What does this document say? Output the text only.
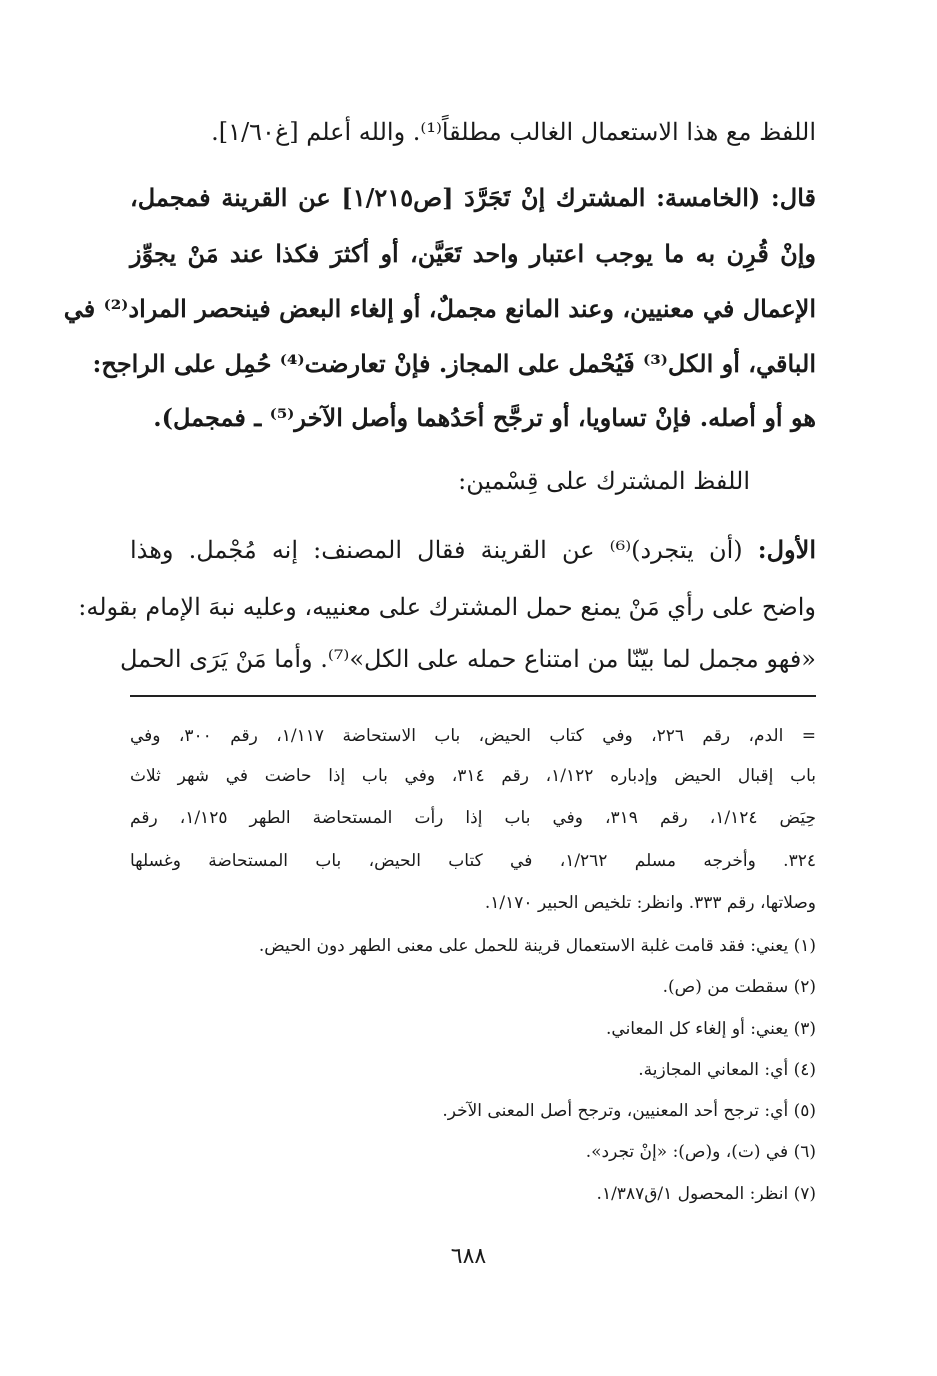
اللفظ مع هذا الاستعمال الغالب مطلقاً⁽¹⁾. والله أعلم [غ١/٦٠].
قال: (الخامسة: المشترك إنْ تَجَرَّدَ [ص١/٢١٥] عن القرينة فمجمل،
وإنْ قُرِن به ما يوجب اعتبار واحد تَعَيَّن، أو أكثرَ فكذا عند مَنْ يجوِّز
الإعمال في معنيين، وعند المانع مجملٌ، أو إلغاء البعض فينحصر المراد⁽²⁾ في
الباقي، أو الكل⁽³⁾ فَيُحْمل على المجاز. فإنْ تعارضت⁽⁴⁾ حُمِل على الراجح:
هو أو أصله. فإنْ تساويا، أو ترجَّح أحَدُهما وأصل الآخر⁽⁵⁾ ـ فمجمل).
اللفظ المشترك على قِسْمين:
الأول: (أن يتجرد)⁽⁶⁾ عن القرينة فقال المصنف: إنه مُجْمل. وهذا
واضح على رأي مَنْ يمنع حمل المشترك على معنييه، وعليه نبهَ الإمام بقوله:
«فهو مجمل لما بيّنّا من امتناع حمله على الكل»⁽⁷⁾. وأما مَنْ يَرَى الحمل
= الدم، رقم ٢٢٦، وفي كتاب الحيض، باب الاستحاضة ١/١١٧، رقم ٣٠٠، وفي
باب إقبال الحيض وإدباره ١/١٢٢، رقم ٣١٤، وفي باب إذا حاضت في شهر ثلاث
حِيَض ١/١٢٤، رقم ٣١٩، وفي باب إذا رأت المستحاضة الطهر ١/١٢٥، رقم
٣٢٤. وأخرجه مسلم ١/٢٦٢، في كتاب الحيض، باب المستحاضة وغسلها
وصلاتها، رقم ٣٣٣. وانظر: تلخيص الحبير ١/١٧٠.
(١) يعني: فقد قامت غلبة الاستعمال قرينة للحمل على معنى الطهر دون الحيض.
(٢) سقطت من (ص).
(٣) يعني: أو إلغاء كل المعاني.
(٤) أي: المعاني المجازية.
(٥) أي: ترجح أحد المعنيين، وترجح أصل المعنى الآخر.
(٦) في (ت)، و(ص): «إنْ تجرد».
(٧) انظر: المحصول ١/ق١/٣٨٧.
٦٨٨
